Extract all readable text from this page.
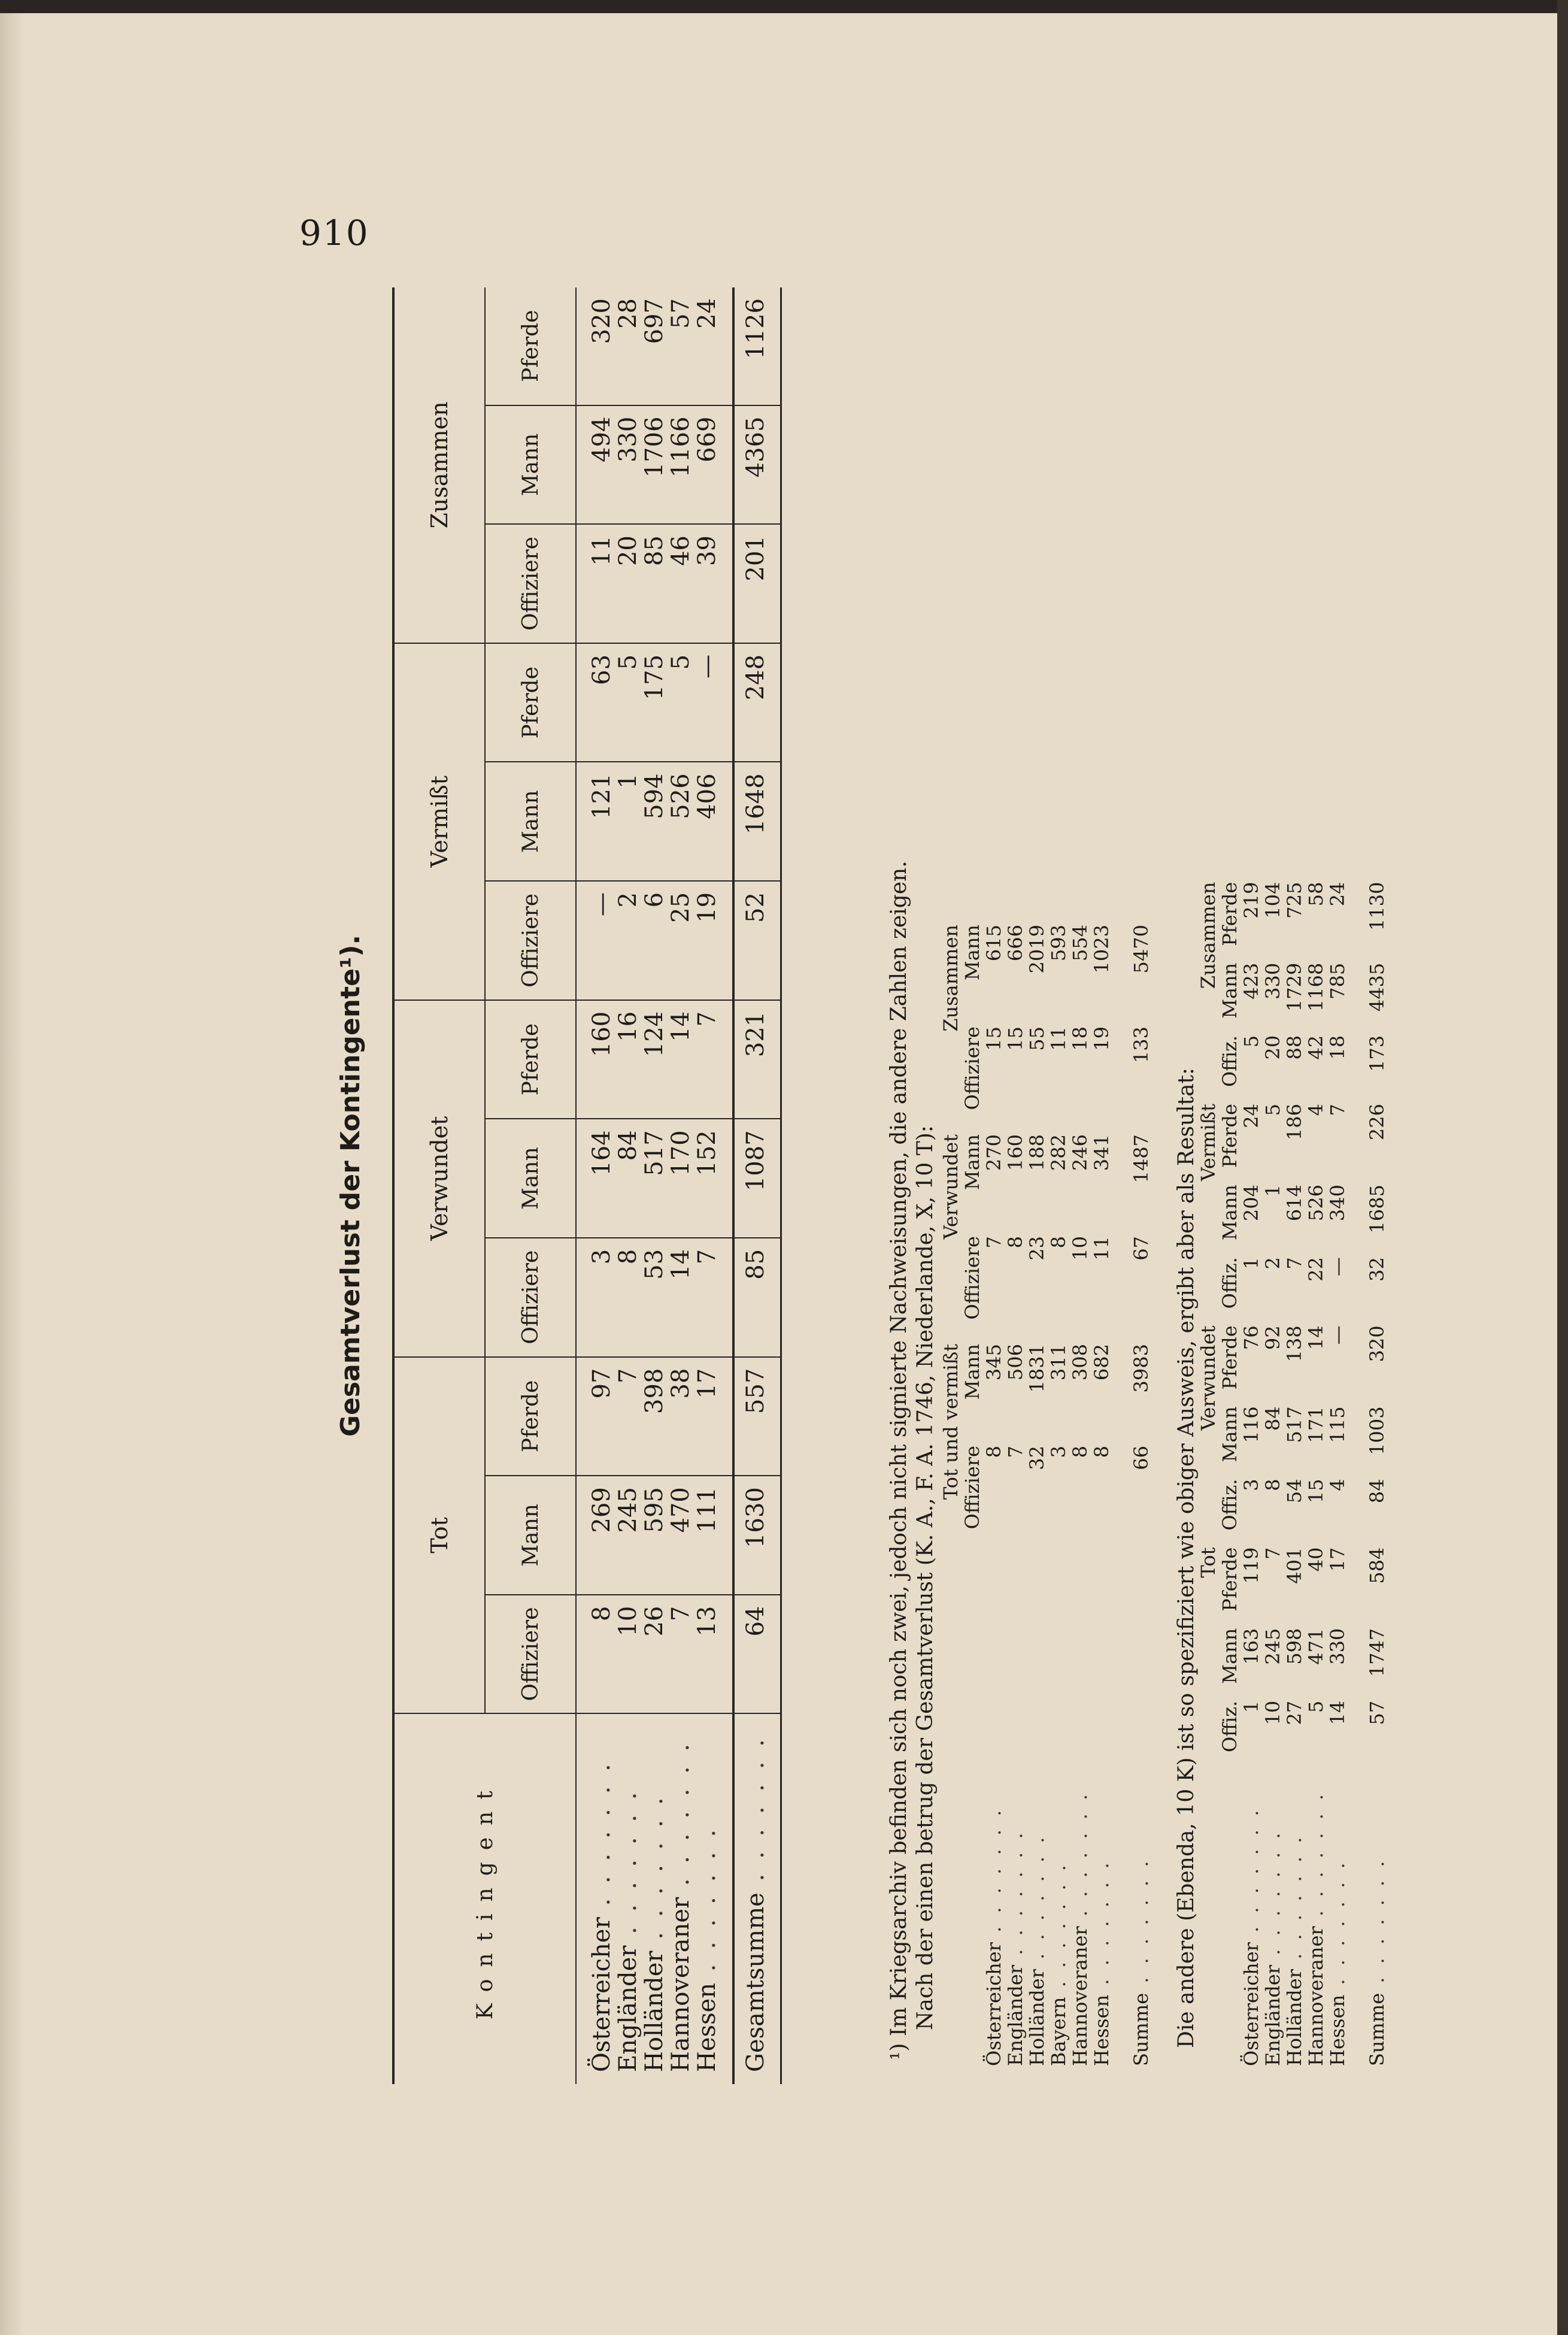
910
Gesamtverlust der Kontingente¹).
Kontingent	Tot			Verwundet			Vermißt			Zusammen		
	Offiziere	Mann	Pferde	Offiziere	Mann	Pferde	Offiziere	Mann	Pferde	Offiziere	Mann	Pferde

Österreicher . . . . . . .	8	269	97	3	164	160	—	121	63	11	494	320
Engländer . . . . . . .	10	245	7	8	84	16	2	1	5	20	330	28
Holländer . . . . . . .	26	595	398	53	517	124	6	594	175	85	1706	697
Hannoveraner . . . . . . .	7	470	38	14	170	14	25	526	5	46	1166	57
Hessen . . . . . . .	13	111	17	7	152	7	19	406	—	39	669	24

Gesamtsumme . . . . . . .	64	1630	557	85	1087	321	52	1648	248	201	4365	1126

¹) Im Kriegsarchiv befinden sich noch zwei, jedoch nicht signierte Nachweisungen, die andere Zahlen zeigen. Nach der einen betrug der Gesamtverlust (K. A., F. A. 1746, Niederlande, X, 10 T):
	Tot und vermißt		Verwundet		Zusammen	
	Offiziere	Mann	Offiziere	Mann	Offiziere	Mann
Österreicher . . . . . . .	8	345	7	270	15	615
Engländer . . . . . . .	7	506	8	160	15	666
Holländer . . . . . . .	32	1831	23	188	55	2019
Bayern . . . . . . .	3	311	8	282	11	593
Hannoveraner . . . . . . .	8	308	10	246	18	554
Hessen . . . . . . .	8	682	11	341	19	1023
Summe . . . . . . .	66	3983	67	1487	133	5470
Die andere (Ebenda, 10 K) ist so spezifiziert wie obiger Ausweis, ergibt aber als Resultat:
	Tot			Verwundet			Vermißt			Zusammen		
	Offiz.	Mann	Pferde	Offiz.	Mann	Pferde	Offiz.	Mann	Pferde	Offiz.	Mann	Pferde
Österreicher . . . . . . .	1	163	119	3	116	76	1	204	24	5	423	219
Engländer . . . . . . .	10	245	7	8	84	92	2	1	5	20	330	104
Holländer . . . . . . .	27	598	401	54	517	138	7	614	186	88	1729	725
Hannoveraner . . . . . . .	5	471	40	15	171	14	22	526	4	42	1168	58
Hessen . . . . . . .	14	330	17	4	115	—	—	340	7	18	785	24
Summe . . . . . . .	57	1747	584	84	1003	320	32	1685	226	173	4435	1130
